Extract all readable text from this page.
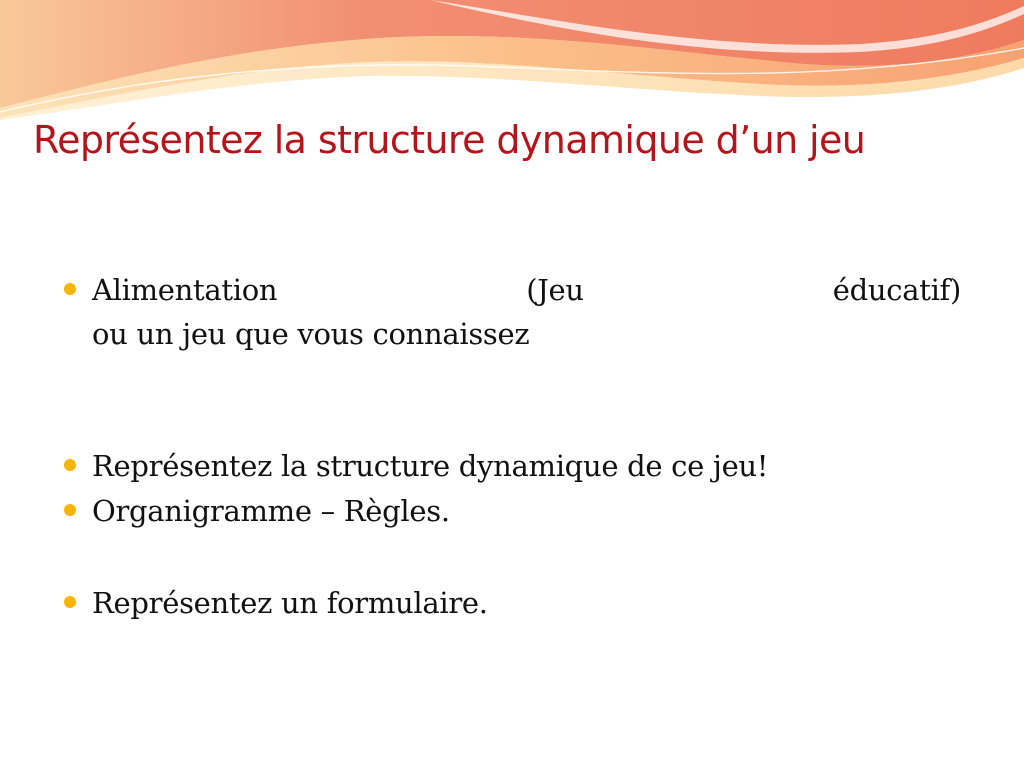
Représentez la structure dynamique d’un jeu
Alimentation	(Jeu	éducatif)
ou un jeu que vous connaissez
Représentez la structure dynamique de ce jeu!
Organigramme – Règles.
Représentez un formulaire.
